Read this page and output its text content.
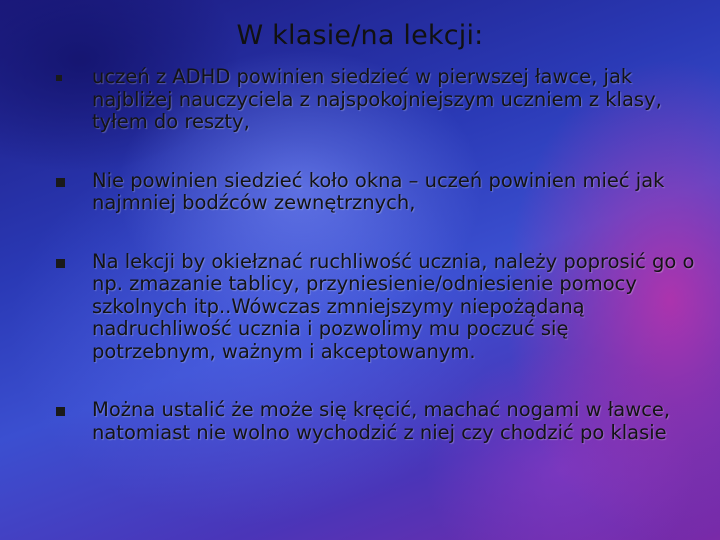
W klasie/na lekcji:
uczeń z ADHD powinien siedzieć w pierwszej ławce, jak najbliżej nauczyciela z najspokojniejszym uczniem z klasy, tyłem do reszty,
Nie powinien siedzieć koło okna – uczeń powinien mieć jak najmniej bodźców zewnętrznych,
Na lekcji by okiełznać ruchliwość ucznia, należy poprosić go o np. zmazanie tablicy, przyniesienie/odniesienie pomocy szkolnych itp..Wówczas zmniejszymy niepożądaną nadruchliwość ucznia i pozwolimy mu poczuć się potrzebnym, ważnym i akceptowanym.
Można ustalić że może się kręcić, machać nogami w ławce, natomiast nie wolno wychodzić z niej czy chodzić po klasie
